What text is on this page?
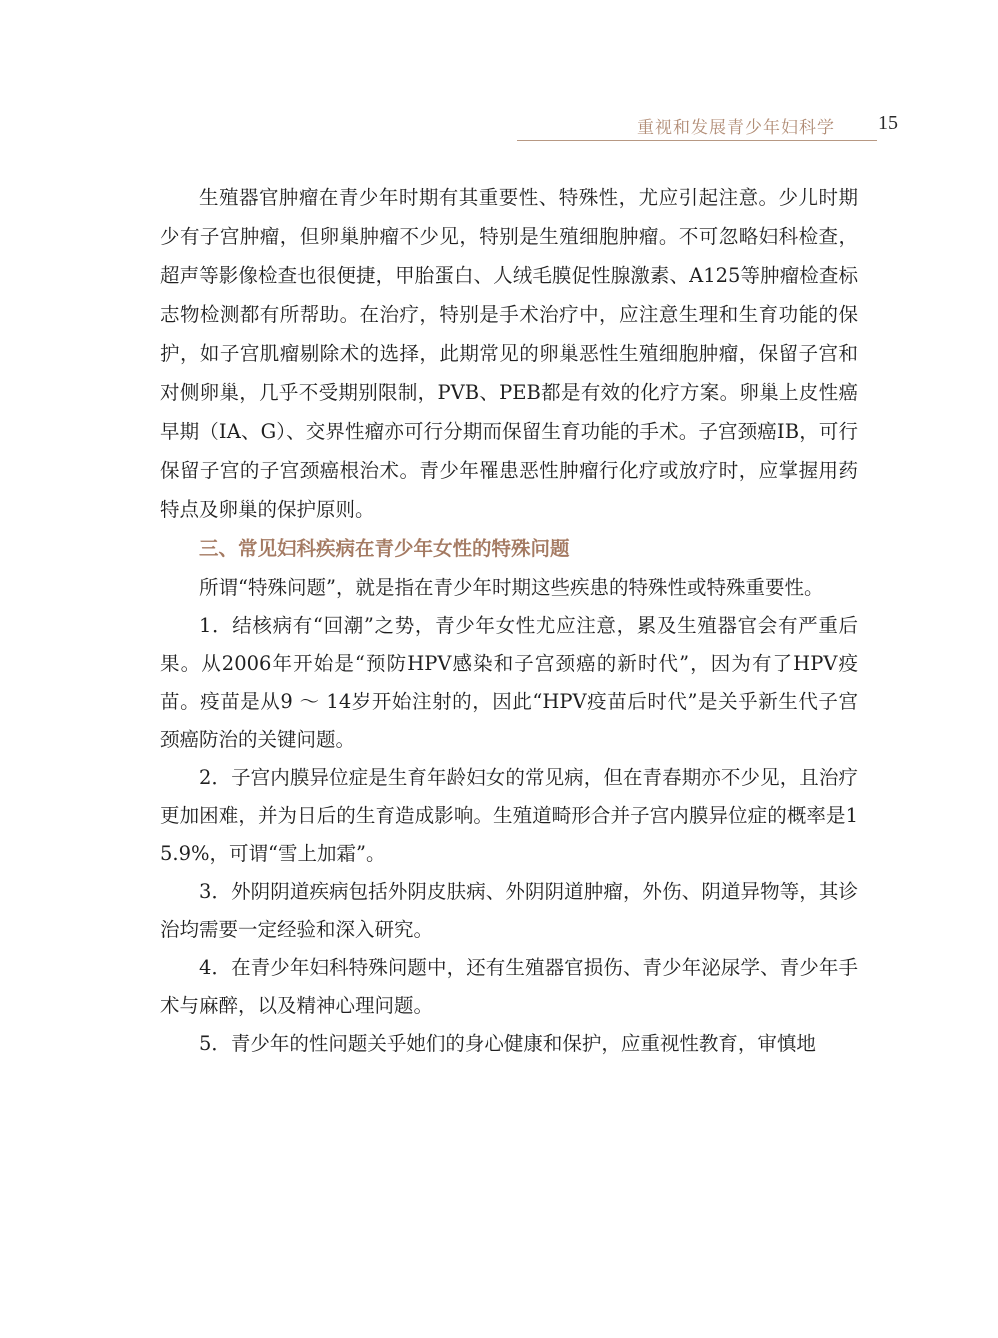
重视和发展青少年妇科学 15

生殖器官肿瘤在青少年时期有其重要性、特殊性，尤应引起注意。少儿时期少有子宫肿瘤，但卵巢肿瘤不少见，特别是生殖细胞肿瘤。不可忽略妇科检查，超声等影像检查也很便捷，甲胎蛋白、人绒毛膜促性腺激素、A125等肿瘤检查标志物检测都有所帮助。在治疗，特别是手术治疗中，应注意生理和生育功能的保护，如子宫肌瘤剔除术的选择，此期常见的卵巢恶性生殖细胞肿瘤，保留子宫和对侧卵巢，几乎不受期别限制，PVB、PEB都是有效的化疗方案。卵巢上皮性癌早期（ⅠA、G）、交界性瘤亦可行分期而保留生育功能的手术。子宫颈癌ⅠB，可行保留子宫的子宫颈癌根治术。青少年罹患恶性肿瘤行化疗或放疗时，应掌握用药特点及卵巢的保护原则。

三、常见妇科疾病在青少年女性的特殊问题

所谓“特殊问题”，就是指在青少年时期这些疾患的特殊性或特殊重要性。

1．结核病有“回潮”之势，青少年女性尤应注意，累及生殖器官会有严重后果。从2006年开始是“预防HPV感染和子宫颈癌的新时代”，因为有了HPV疫苗。疫苗是从9 ～ 14岁开始注射的，因此“HPV疫苗后时代”是关乎新生代子宫颈癌防治的关键问题。

2．子宫内膜异位症是生育年龄妇女的常见病，但在青春期亦不少见，且治疗更加困难，并为日后的生育造成影响。生殖道畸形合并子宫内膜异位症的概率是15.9%，可谓“雪上加霜”。

3．外阴阴道疾病包括外阴皮肤病、外阴阴道肿瘤，外伤、阴道异物等，其诊治均需要一定经验和深入研究。

4．在青少年妇科特殊问题中，还有生殖器官损伤、青少年泌尿学、青少年手术与麻醉，以及精神心理问题。

5．青少年的性问题关乎她们的身心健康和保护，应重视性教育，审慎地
